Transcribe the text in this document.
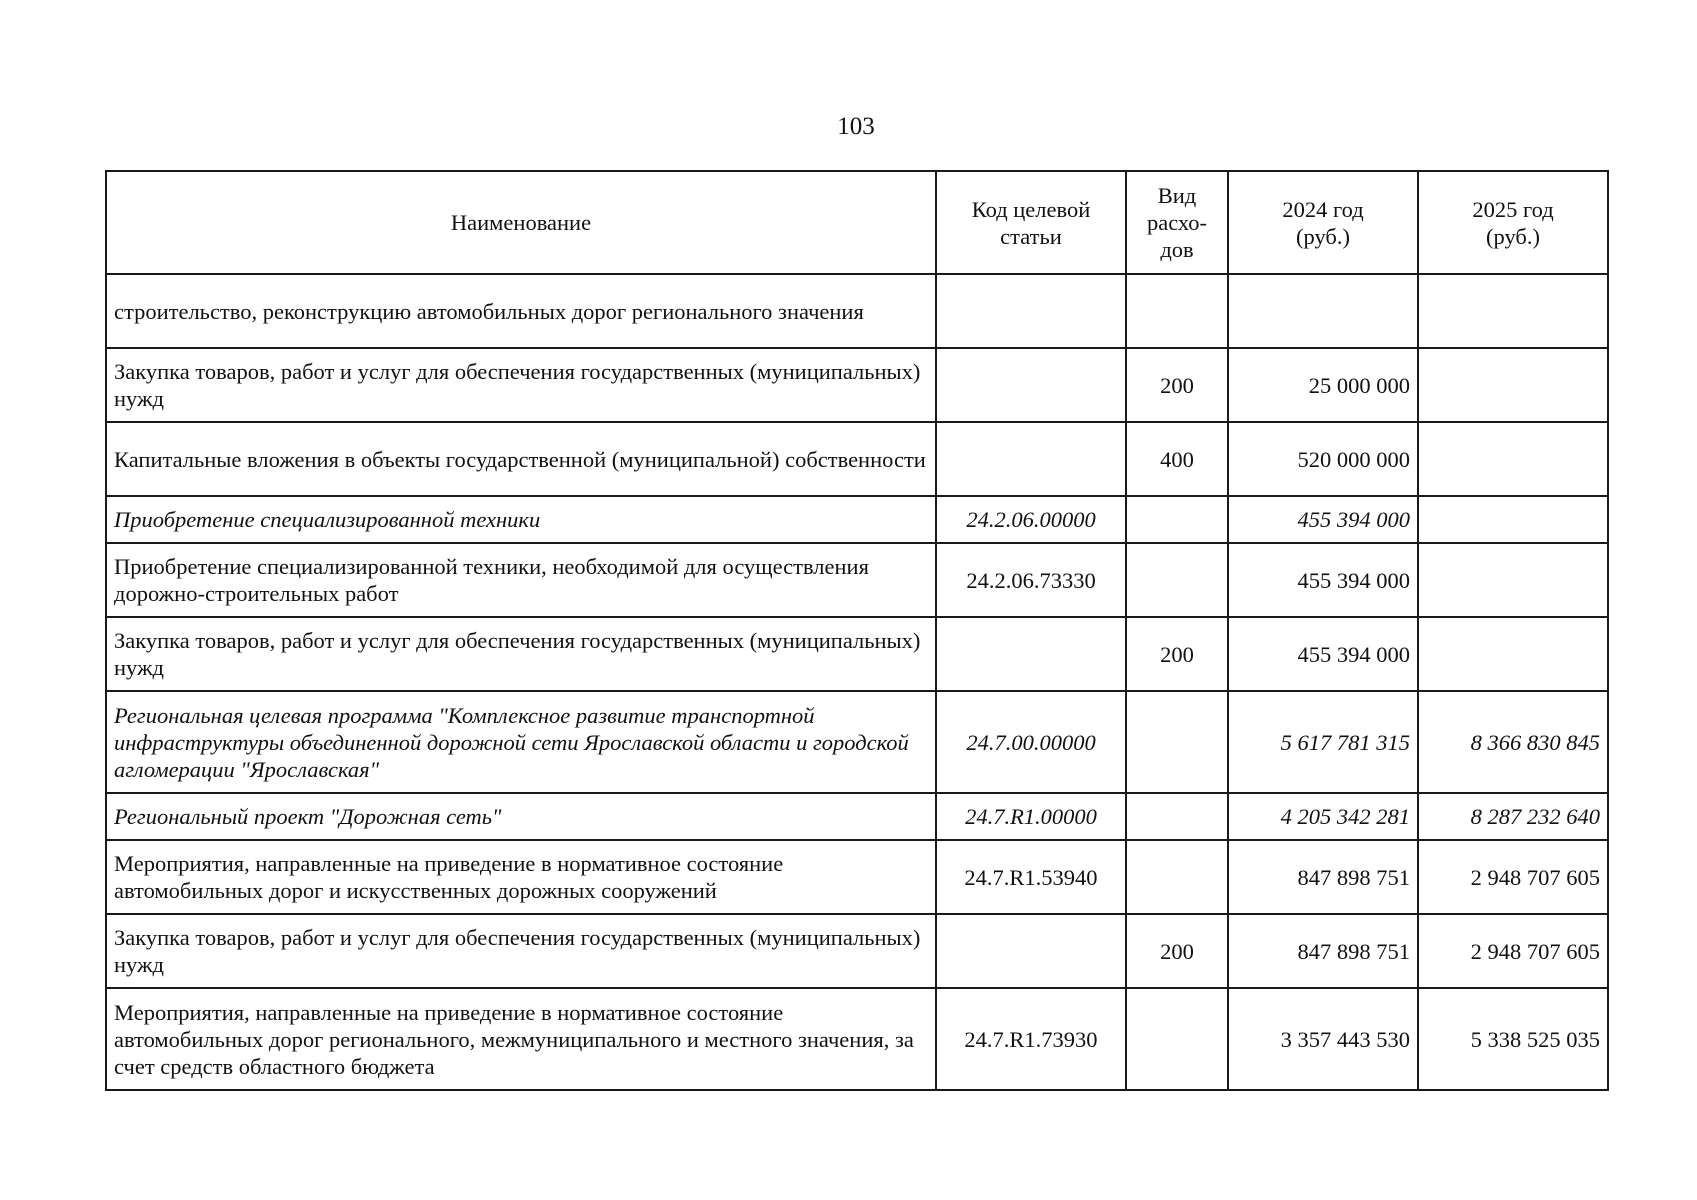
103
Наименование	Код целевой статьи	Вид расхо-дов	2024 год (руб.)	2025 год (руб.)
строительство, реконструкцию автомобильных дорог регионального значения				
Закупка товаров, работ и услуг для обеспечения государственных (муниципальных) нужд		200	25 000 000	
Капитальные вложения в объекты государственной (муниципальной) собственности		400	520 000 000	
Приобретение специализированной техники	24.2.06.00000		455 394 000	
Приобретение специализированной техники, необходимой для осуществления дорожно-строительных работ	24.2.06.73330		455 394 000	
Закупка товаров, работ и услуг для обеспечения государственных (муниципальных) нужд		200	455 394 000	
Региональная целевая программа "Комплексное развитие транспортной инфраструктуры объединенной дорожной сети Ярославской области и городской агломерации "Ярославская"	24.7.00.00000		5 617 781 315	8 366 830 845
Региональный проект "Дорожная сеть"	24.7.R1.00000		4 205 342 281	8 287 232 640
Мероприятия, направленные на приведение в нормативное состояние автомобильных дорог и искусственных дорожных сооружений	24.7.R1.53940		847 898 751	2 948 707 605
Закупка товаров, работ и услуг для обеспечения государственных (муниципальных) нужд		200	847 898 751	2 948 707 605
Мероприятия, направленные на приведение в нормативное состояние автомобильных дорог регионального, межмуниципального и местного значения, за счет средств областного бюджета	24.7.R1.73930		3 357 443 530	5 338 525 035
